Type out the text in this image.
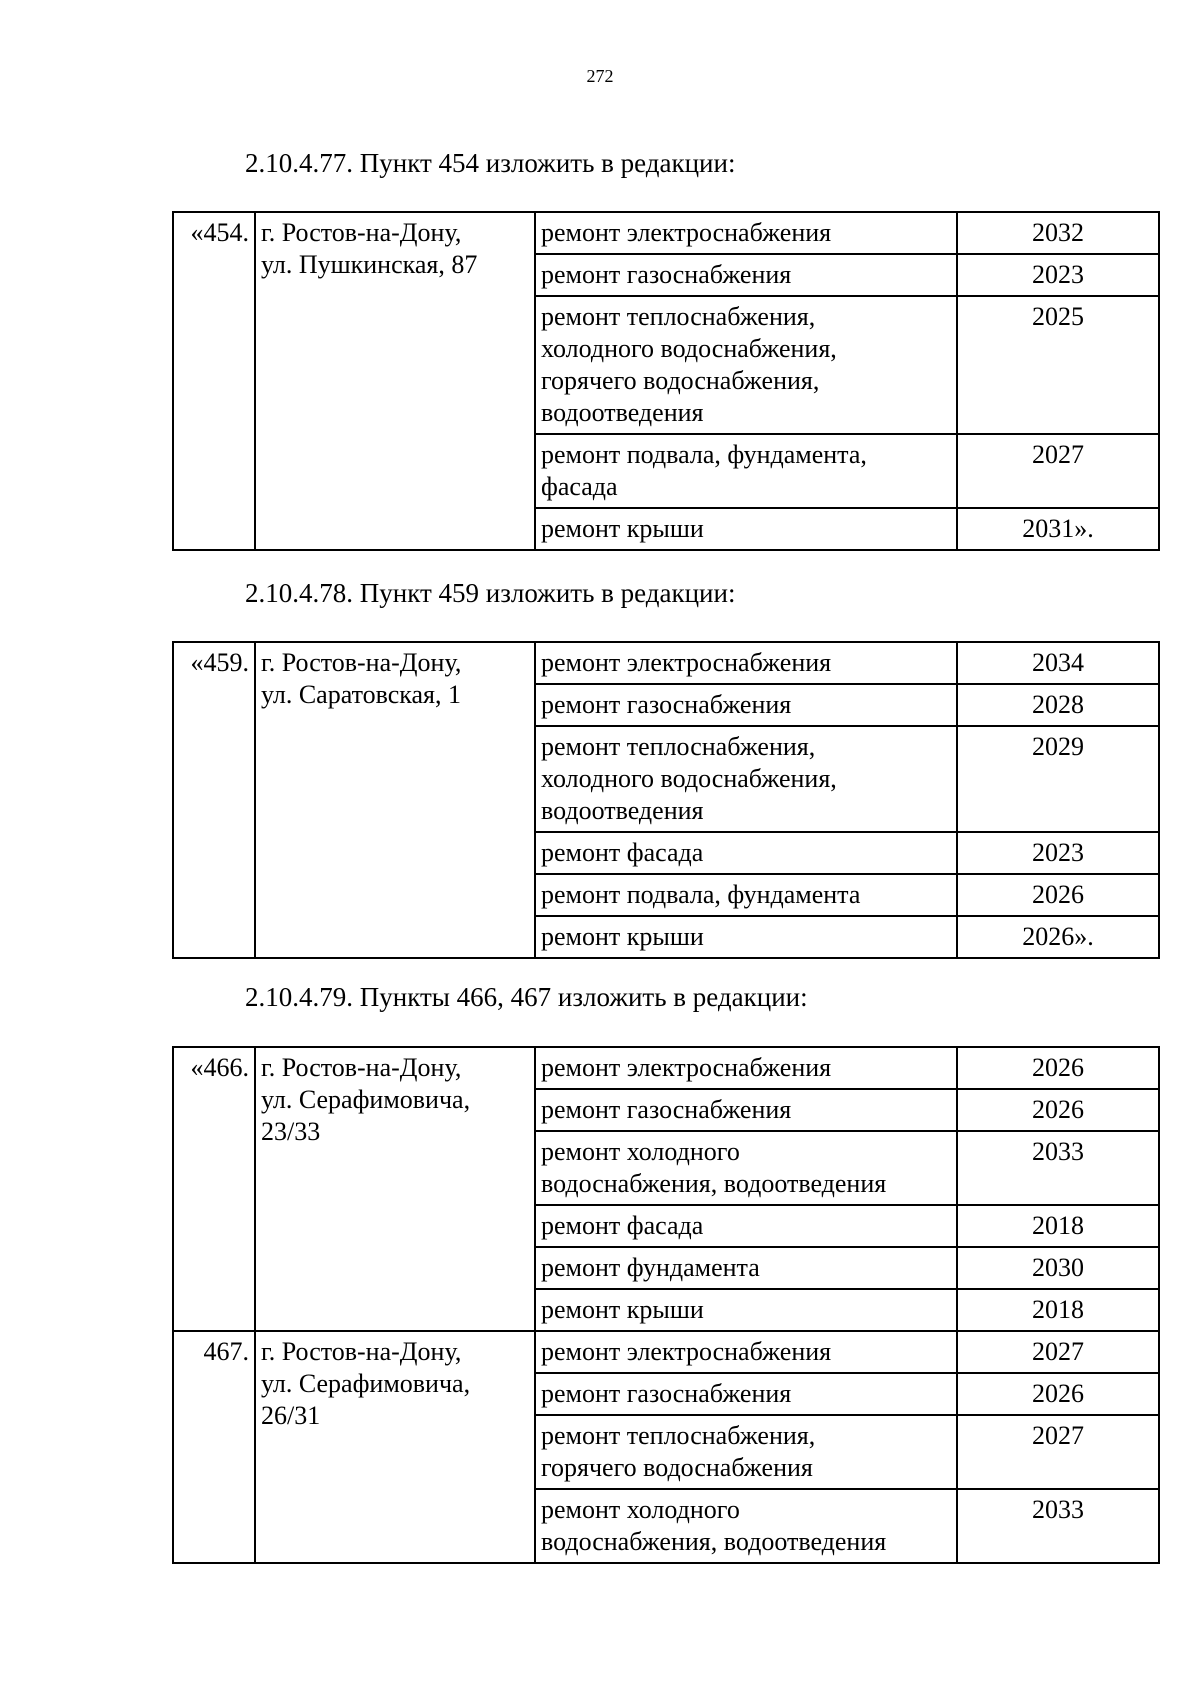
272
2.10.4.77. Пункт 454 изложить в редакции:
«454.	г. Ростов-на-Дону,
ул. Пушкинская, 87	ремонт электроснабжения	2032

		ремонт газоснабжения	2023

		ремонт теплоснабжения,
холодного водоснабжения,
горячего водоснабжения,
водоотведения	2025

		ремонт подвала, фундамента,
фасада	2027

		ремонт крыши	2031».
2.10.4.78. Пункт 459 изложить в редакции:
«459.	г. Ростов-на-Дону,
ул. Саратовская, 1	ремонт электроснабжения	2034

		ремонт газоснабжения	2028

		ремонт теплоснабжения,
холодного водоснабжения,
водоотведения	2029

		ремонт фасада	2023

		ремонт подвала, фундамента	2026

		ремонт крыши	2026».
2.10.4.79. Пункты 466, 467 изложить в редакции:
«466.	г. Ростов-на-Дону,
ул. Серафимовича,
23/33	ремонт электроснабжения	2026

		ремонт газоснабжения	2026

		ремонт холодного
водоснабжения, водоотведения	2033

		ремонт фасада	2018

		ремонт фундамента	2030

		ремонт крыши	2018
467.	г. Ростов-на-Дону,
ул. Серафимовича,
26/31	ремонт электроснабжения	2027

		ремонт газоснабжения	2026

		ремонт теплоснабжения,
горячего водоснабжения	2027

		ремонт холодного
водоснабжения, водоотведения	2033
